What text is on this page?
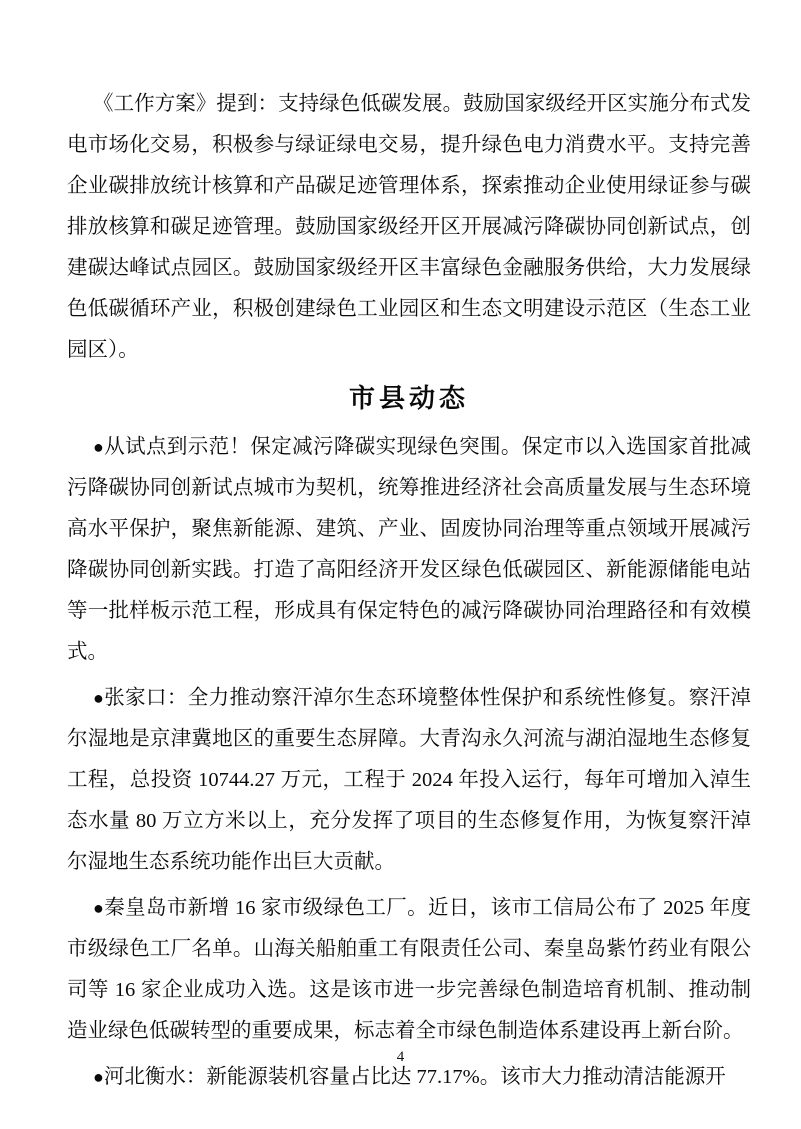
《工作方案》提到：支持绿色低碳发展。鼓励国家级经开区实施分布式发电市场化交易，积极参与绿证绿电交易，提升绿色电力消费水平。支持完善企业碳排放统计核算和产品碳足迹管理体系，探索推动企业使用绿证参与碳排放核算和碳足迹管理。鼓励国家级经开区开展减污降碳协同创新试点，创建碳达峰试点园区。鼓励国家级经开区丰富绿色金融服务供给，大力发展绿色低碳循环产业，积极创建绿色工业园区和生态文明建设示范区（生态工业园区）。

市县动态

●从试点到示范！保定减污降碳实现绿色突围。保定市以入选国家首批减污降碳协同创新试点城市为契机，统筹推进经济社会高质量发展与生态环境高水平保护，聚焦新能源、建筑、产业、固废协同治理等重点领域开展减污降碳协同创新实践。打造了高阳经济开发区绿色低碳园区、新能源储能电站等一批样板示范工程，形成具有保定特色的减污降碳协同治理路径和有效模式。

●张家口：全力推动察汗淖尔生态环境整体性保护和系统性修复。察汗淖尔湿地是京津冀地区的重要生态屏障。大青沟永久河流与湖泊湿地生态修复工程，总投资 10744.27 万元，工程于 2024 年投入运行，每年可增加入淖生态水量 80 万立方米以上，充分发挥了项目的生态修复作用，为恢复察汗淖尔湿地生态系统功能作出巨大贡献。

●秦皇岛市新增 16 家市级绿色工厂。近日，该市工信局公布了 2025 年度市级绿色工厂名单。山海关船舶重工有限责任公司、秦皇岛紫竹药业有限公司等 16 家企业成功入选。这是该市进一步完善绿色制造培育机制、推动制造业绿色低碳转型的重要成果，标志着全市绿色制造体系建设再上新台阶。

●河北衡水：新能源装机容量占比达 77.17%。该市大力推动清洁能源开

4
